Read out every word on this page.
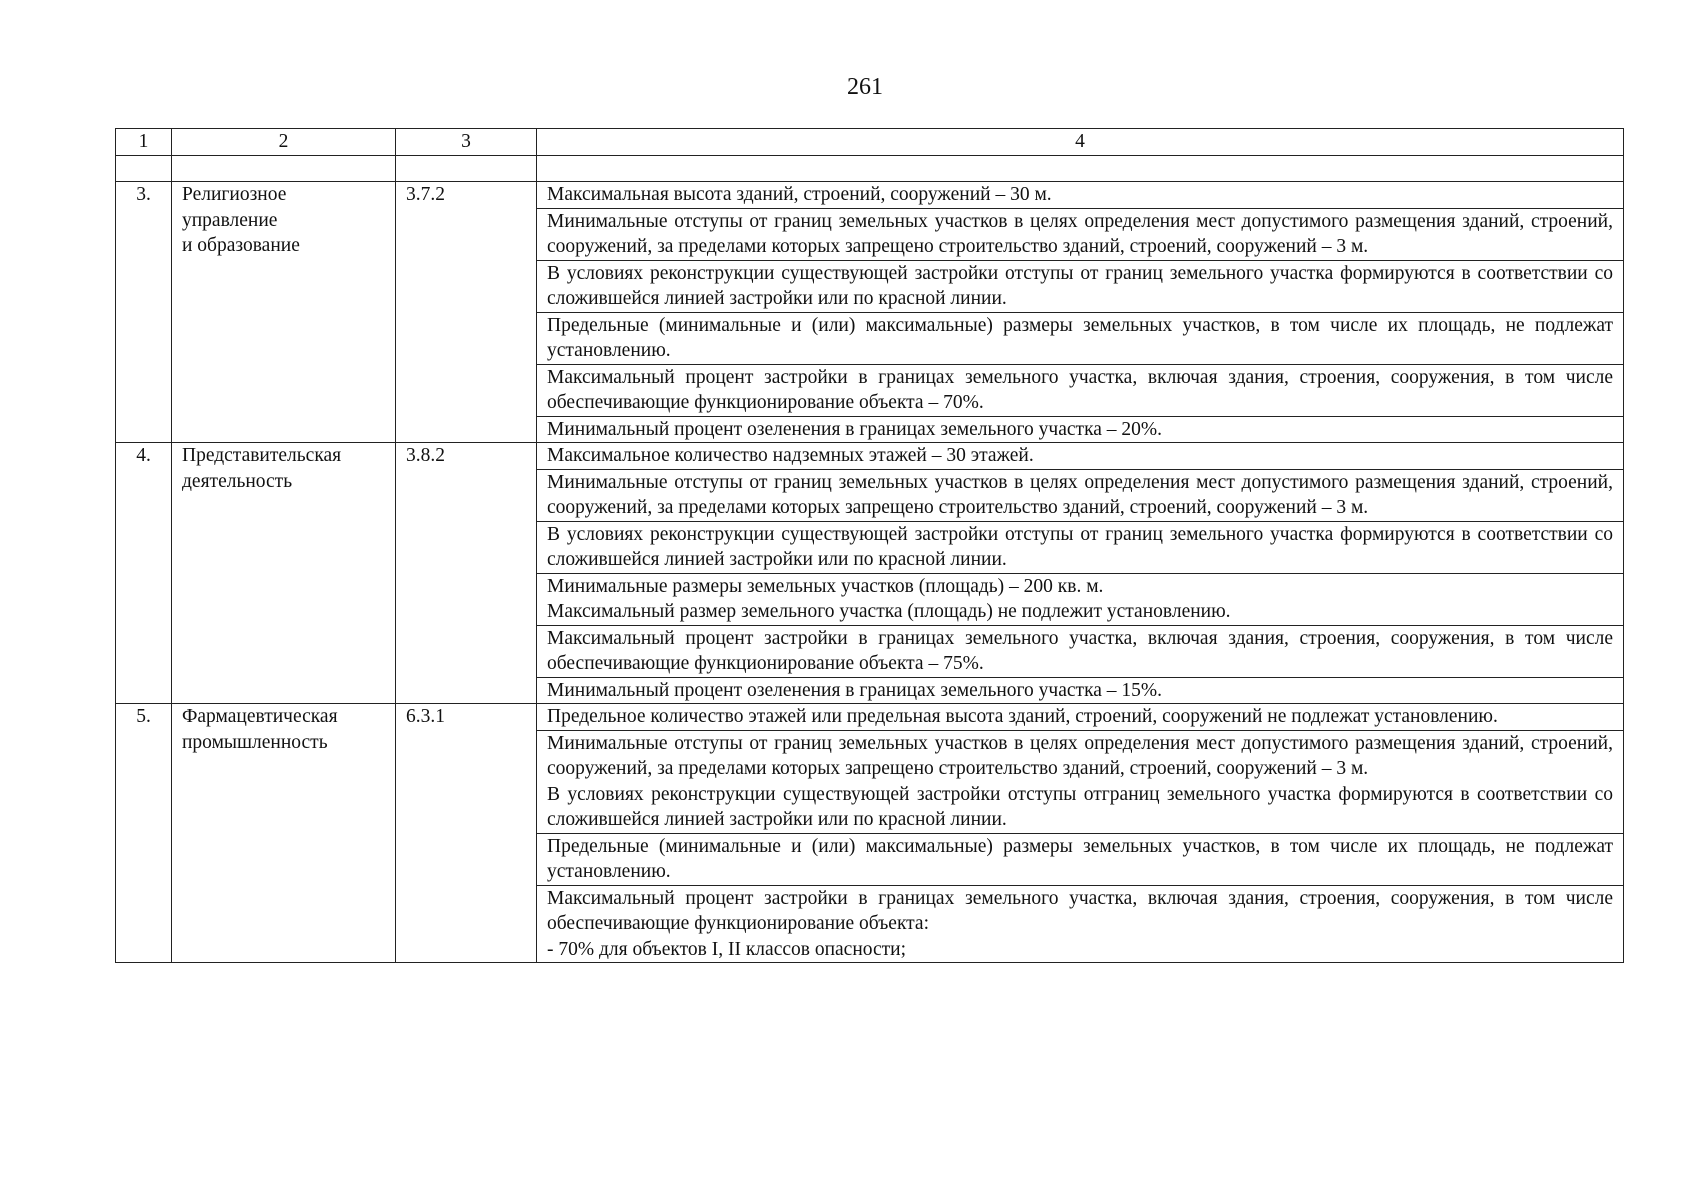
261
1	2	3	4

3.	Религиозное
управление
и образование	3.7.2	Максимальная высота зданий, строений, сооружений – 30 м.

			Минимальные отступы от границ земельных участков в целях определения мест допустимого размещения зданий, строений, сооружений, за пределами которых запрещено строительство зданий, строений, сооружений – 3 м.

			В условиях реконструкции существующей застройки отступы от границ земельного участка формируются в соответствии со сложившейся линией застройки или по красной линии.

			Предельные (минимальные и (или) максимальные) размеры земельных участков, в том числе их площадь, не подлежат установлению.

			Максимальный процент застройки в границах земельного участка, включая здания, строения, сооружения, в том числе обеспечивающие функционирование объекта – 70%.

			Минимальный процент озеленения в границах земельного участка – 20%.

4.	Представительская
деятельность	3.8.2	Максимальное количество надземных этажей – 30 этажей.

			Минимальные отступы от границ земельных участков в целях определения мест допустимого размещения зданий, строений, сооружений, за пределами которых запрещено строительство зданий, строений, сооружений – 3 м.

			В условиях реконструкции существующей застройки отступы от границ земельного участка формируются в соответствии со сложившейся линией застройки или по красной линии.

			Минимальные размеры земельных участков (площадь) – 200 кв. м.
Максимальный размер земельного участка (площадь) не подлежит установлению.

			Максимальный процент застройки в границах земельного участка, включая здания, строения, сооружения, в том числе обеспечивающие функционирование объекта – 75%.

			Минимальный процент озеленения в границах земельного участка – 15%.

5.	Фармацевтическая
промышленность	6.3.1	Предельное количество этажей или предельная высота зданий, строений, сооружений не подлежат установлению.

			Минимальные отступы от границ земельных участков в целях определения мест допустимого размещения зданий, строений, сооружений, за пределами которых запрещено строительство зданий, строений, сооружений – 3 м.
В условиях реконструкции существующей застройки отступы отграниц земельного участка формируются в соответствии со сложившейся линией застройки или по красной линии.

			Предельные (минимальные и (или) максимальные) размеры земельных участков, в том числе их площадь, не подлежат установлению.

			Максимальный процент застройки в границах земельного участка, включая здания, строения, сооружения, в том числе обеспечивающие функционирование объекта:
- 70% для объектов I, II классов опасности;
